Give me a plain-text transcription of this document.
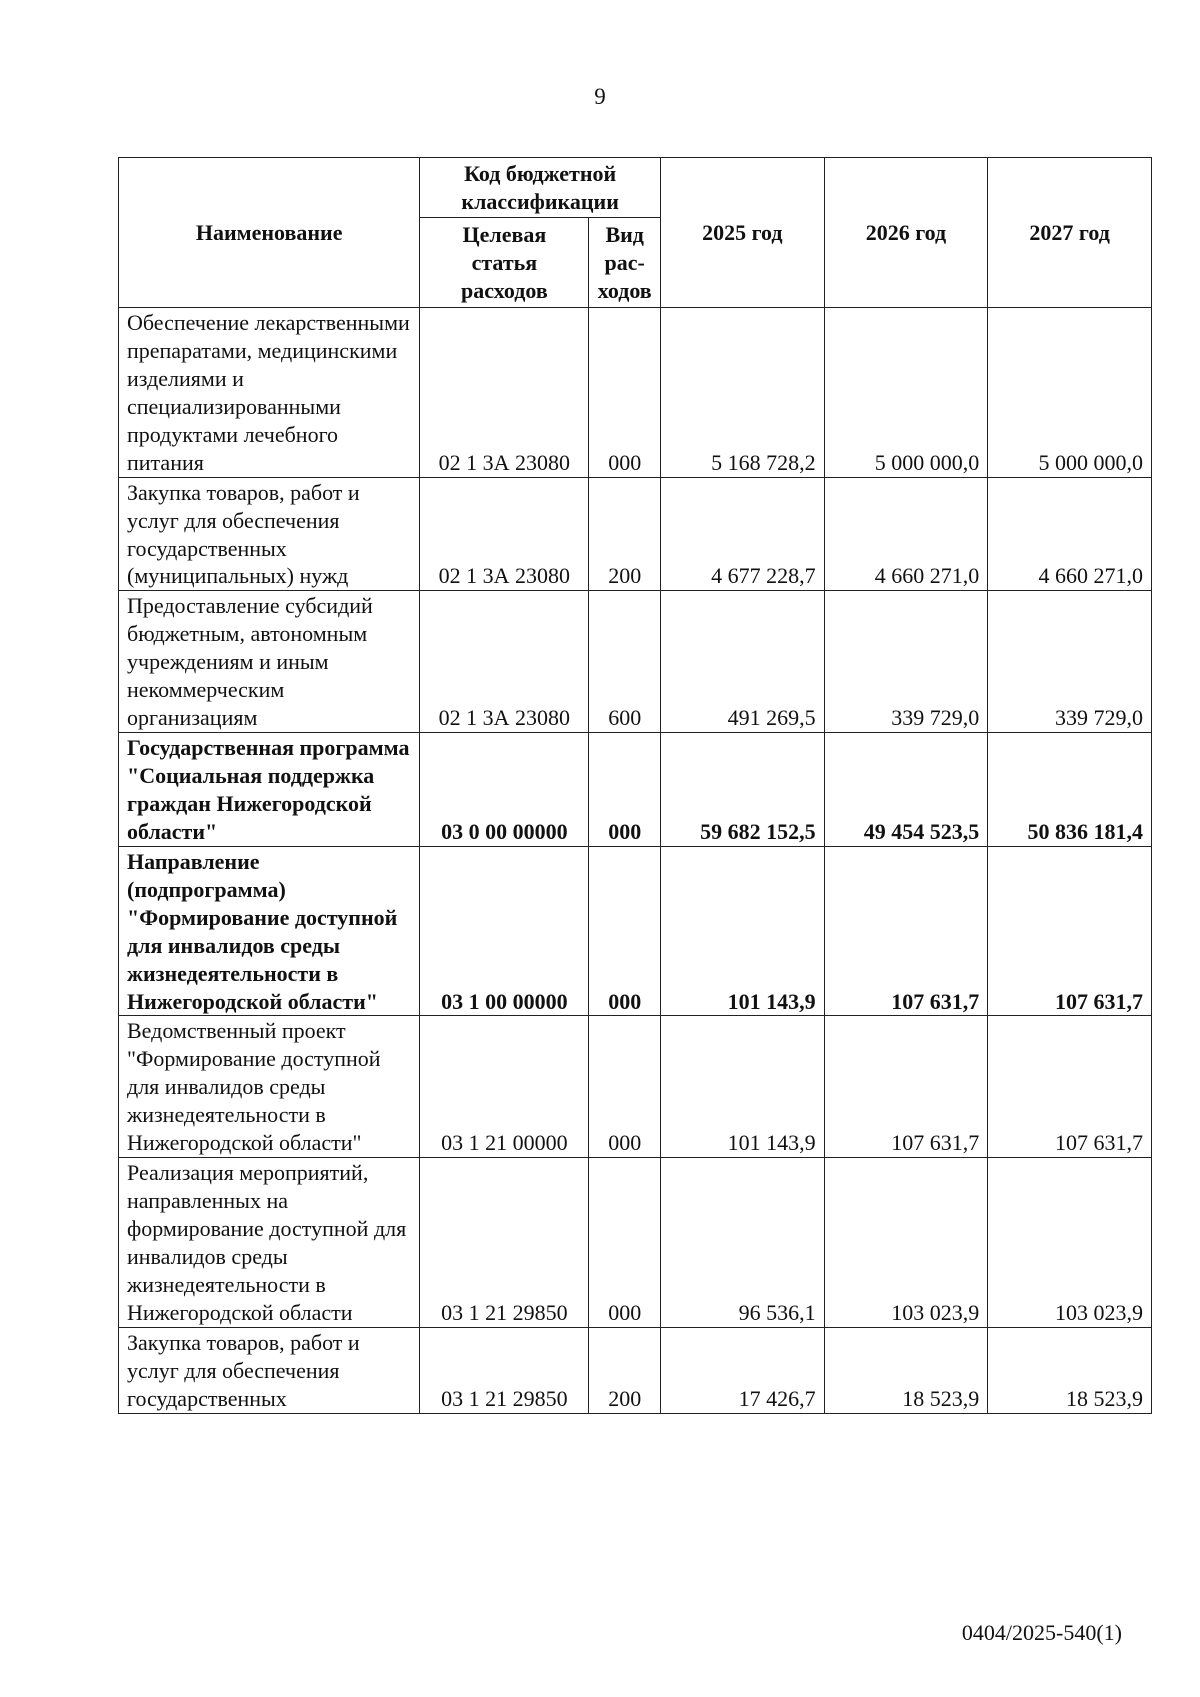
9
Наименование	Код бюджетной классификации		2025 год	2026 год	2027 год
	Целевая статья расходов	Вид рас-ходов			
Обеспечение лекарственными препаратами, медицинскими изделиями и специализированными продуктами лечебного питания	02 1 3А 23080	000	5 168 728,2	5 000 000,0	5 000 000,0
Закупка товаров, работ и услуг для обеспечения государственных (муниципальных) нужд	02 1 3А 23080	200	4 677 228,7	4 660 271,0	4 660 271,0
Предоставление субсидий бюджетным, автономным учреждениям и иным некоммерческим организациям	02 1 3А 23080	600	491 269,5	339 729,0	339 729,0
Государственная программа "Социальная поддержка граждан Нижегородской области"	03 0 00 00000	000	59 682 152,5	49 454 523,5	50 836 181,4
Направление (подпрограмма) "Формирование доступной для инвалидов среды жизнедеятельности в Нижегородской области"	03 1 00 00000	000	101 143,9	107 631,7	107 631,7
Ведомственный проект "Формирование доступной для инвалидов среды жизнедеятельности в Нижегородской области"	03 1 21 00000	000	101 143,9	107 631,7	107 631,7
Реализация мероприятий, направленных на формирование доступной для инвалидов среды жизнедеятельности в Нижегородской области	03 1 21 29850	000	96 536,1	103 023,9	103 023,9
Закупка товаров, работ и услуг для обеспечения государственных	03 1 21 29850	200	17 426,7	18 523,9	18 523,9
0404/2025-540(1)
